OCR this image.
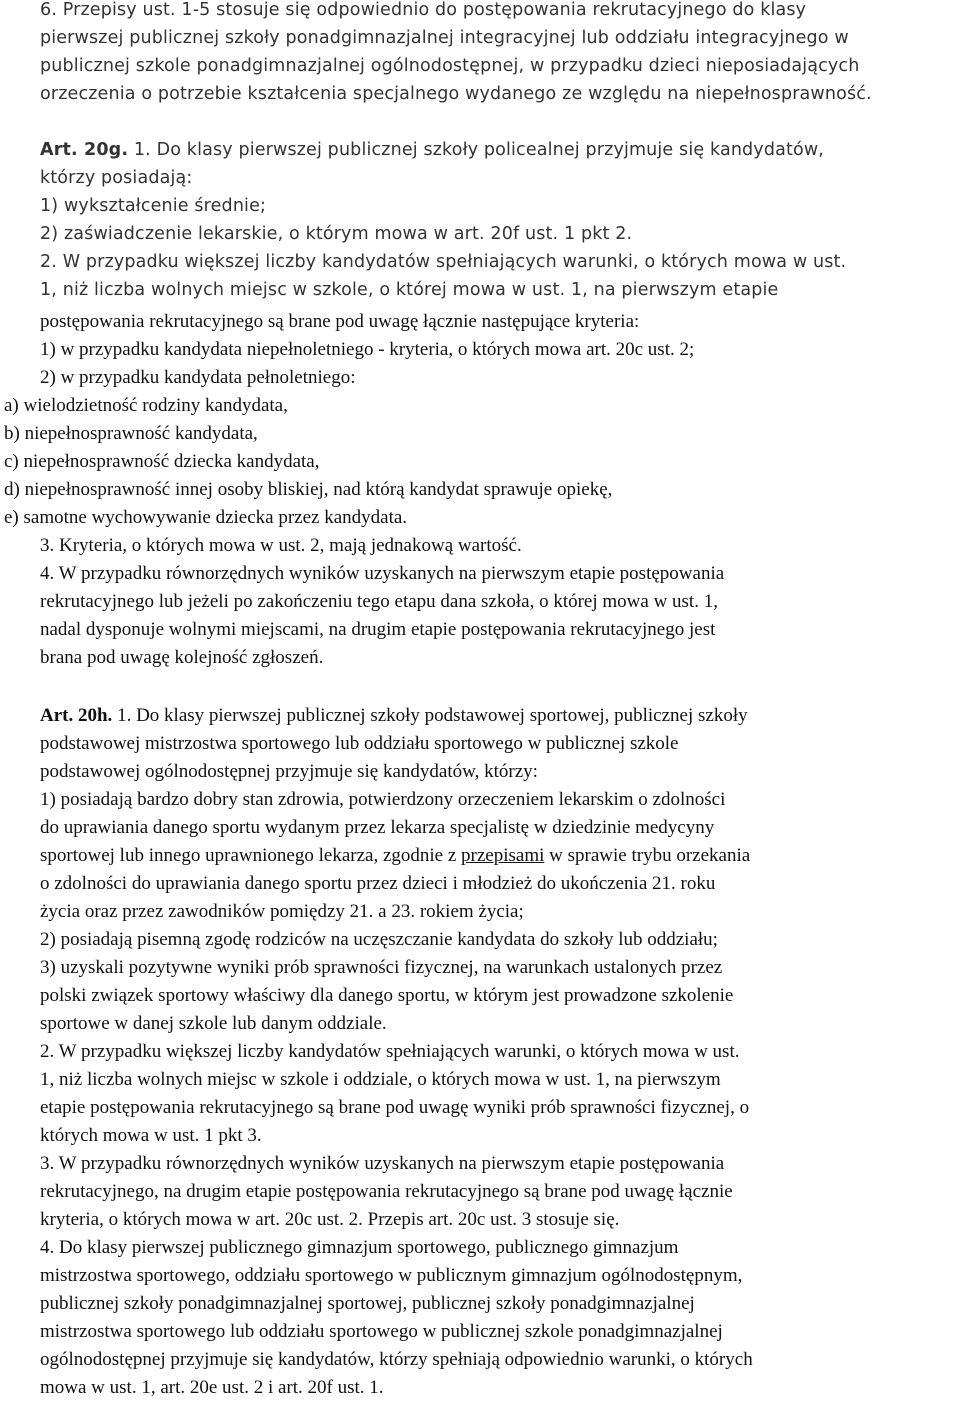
6. Przepisy ust. 1-5 stosuje się odpowiednio do postępowania rekrutacyjnego do klasy
pierwszej publicznej szkoły ponadgimnazjalnej integracyjnej lub oddziału integracyjnego w
publicznej szkole ponadgimnazjalnej ogólnodostępnej, w przypadku dzieci nieposiadających
orzeczenia o potrzebie kształcenia specjalnego wydanego ze względu na niepełnosprawność.
Art. 20g. 1. Do klasy pierwszej publicznej szkoły policealnej przyjmuje się kandydatów,
którzy posiadają:
1) wykształcenie średnie;
2) zaświadczenie lekarskie, o którym mowa w art. 20f ust. 1 pkt 2.
2. W przypadku większej liczby kandydatów spełniających warunki, o których mowa w ust.
1, niż liczba wolnych miejsc w szkole, o której mowa w ust. 1, na pierwszym etapie
postępowania rekrutacyjnego są brane pod uwagę łącznie następujące kryteria:
1) w przypadku kandydata niepełnoletniego - kryteria, o których mowa art. 20c ust. 2;
2) w przypadku kandydata pełnoletniego:
a) wielodzietność rodziny kandydata,
b) niepełnosprawność kandydata,
c) niepełnosprawność dziecka kandydata,
d) niepełnosprawność innej osoby bliskiej, nad którą kandydat sprawuje opiekę,
e) samotne wychowywanie dziecka przez kandydata.
3. Kryteria, o których mowa w ust. 2, mają jednakową wartość.
4. W przypadku równorzędnych wyników uzyskanych na pierwszym etapie postępowania
rekrutacyjnego lub jeżeli po zakończeniu tego etapu dana szkoła, o której mowa w ust. 1,
nadal dysponuje wolnymi miejscami, na drugim etapie postępowania rekrutacyjnego jest
brana pod uwagę kolejność zgłoszeń.
Art. 20h. 1. Do klasy pierwszej publicznej szkoły podstawowej sportowej, publicznej szkoły
podstawowej mistrzostwa sportowego lub oddziału sportowego w publicznej szkole
podstawowej ogólnodostępnej przyjmuje się kandydatów, którzy:
1) posiadają bardzo dobry stan zdrowia, potwierdzony orzeczeniem lekarskim o zdolności
do uprawiania danego sportu wydanym przez lekarza specjalistę w dziedzinie medycyny
sportowej lub innego uprawnionego lekarza, zgodnie z przepisami w sprawie trybu orzekania
o zdolności do uprawiania danego sportu przez dzieci i młodzież do ukończenia 21. roku
życia oraz przez zawodników pomiędzy 21. a 23. rokiem życia;
2) posiadają pisemną zgodę rodziców na uczęszczanie kandydata do szkoły lub oddziału;
3) uzyskali pozytywne wyniki prób sprawności fizycznej, na warunkach ustalonych przez
polski związek sportowy właściwy dla danego sportu, w którym jest prowadzone szkolenie
sportowe w danej szkole lub danym oddziale.
2. W przypadku większej liczby kandydatów spełniających warunki, o których mowa w ust.
1, niż liczba wolnych miejsc w szkole i oddziale, o których mowa w ust. 1, na pierwszym
etapie postępowania rekrutacyjnego są brane pod uwagę wyniki prób sprawności fizycznej, o
których mowa w ust. 1 pkt 3.
3. W przypadku równorzędnych wyników uzyskanych na pierwszym etapie postępowania
rekrutacyjnego, na drugim etapie postępowania rekrutacyjnego są brane pod uwagę łącznie
kryteria, o których mowa w art. 20c ust. 2. Przepis art. 20c ust. 3 stosuje się.
4. Do klasy pierwszej publicznego gimnazjum sportowego, publicznego gimnazjum
mistrzostwa sportowego, oddziału sportowego w publicznym gimnazjum ogólnodostępnym,
publicznej szkoły ponadgimnazjalnej sportowej, publicznej szkoły ponadgimnazjalnej
mistrzostwa sportowego lub oddziału sportowego w publicznej szkole ponadgimnazjalnej
ogólnodostępnej przyjmuje się kandydatów, którzy spełniają odpowiednio warunki, o których
mowa w ust. 1, art. 20e ust. 2 i art. 20f ust. 1.
